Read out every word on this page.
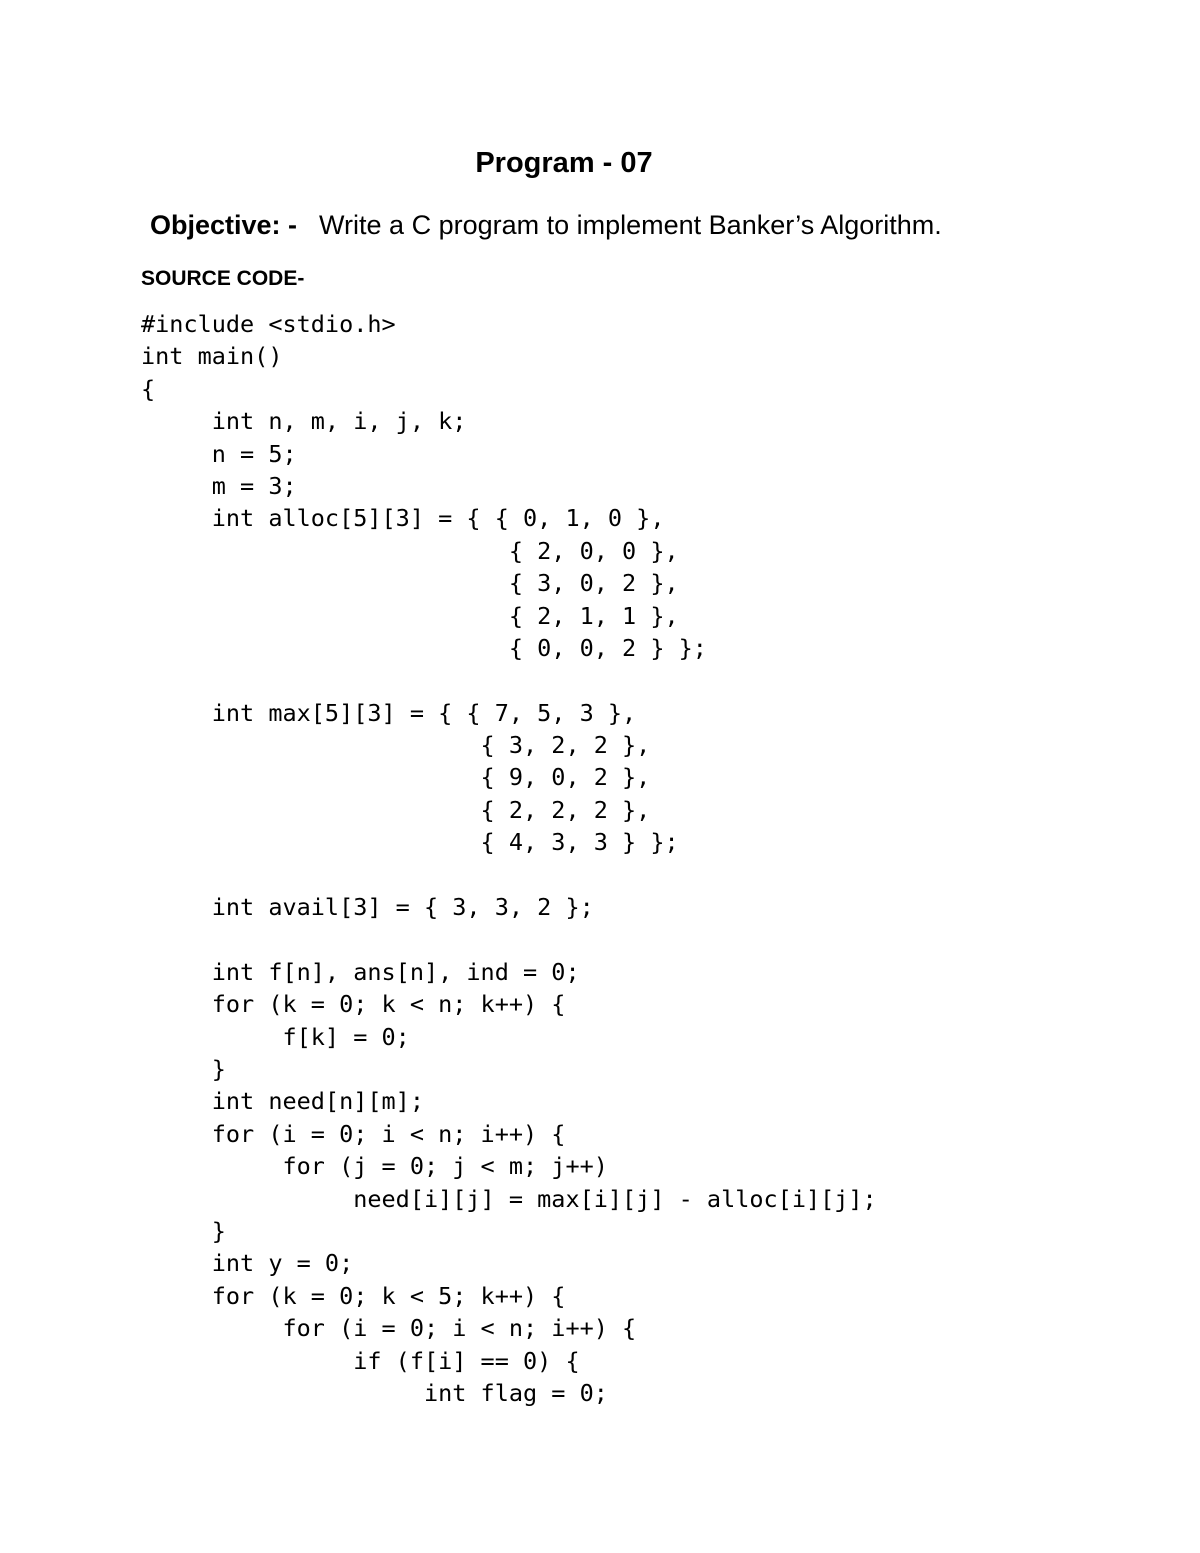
Program - 07
Objective: - Write a C program to implement Banker’s Algorithm.
SOURCE CODE-
#include <stdio.h>
int main()
{
int n, m, i, j, k;
n = 5;
m = 3;
int alloc[5][3] = { { 0, 1, 0 },
{ 2, 0, 0 },
{ 3, 0, 2 },
{ 2, 1, 1 },
{ 0, 0, 2 } };
int max[5][3] = { { 7, 5, 3 },
{ 3, 2, 2 },
{ 9, 0, 2 },
{ 2, 2, 2 },
{ 4, 3, 3 } };
int avail[3] = { 3, 3, 2 };
int f[n], ans[n], ind = 0;
for (k = 0; k < n; k++) {
f[k] = 0;
}
int need[n][m];
for (i = 0; i < n; i++) {
for (j = 0; j < m; j++)
need[i][j] = max[i][j] - alloc[i][j];
}
int y = 0;
for (k = 0; k < 5; k++) {
for (i = 0; i < n; i++) {
if (f[i] == 0) {
int flag = 0;
